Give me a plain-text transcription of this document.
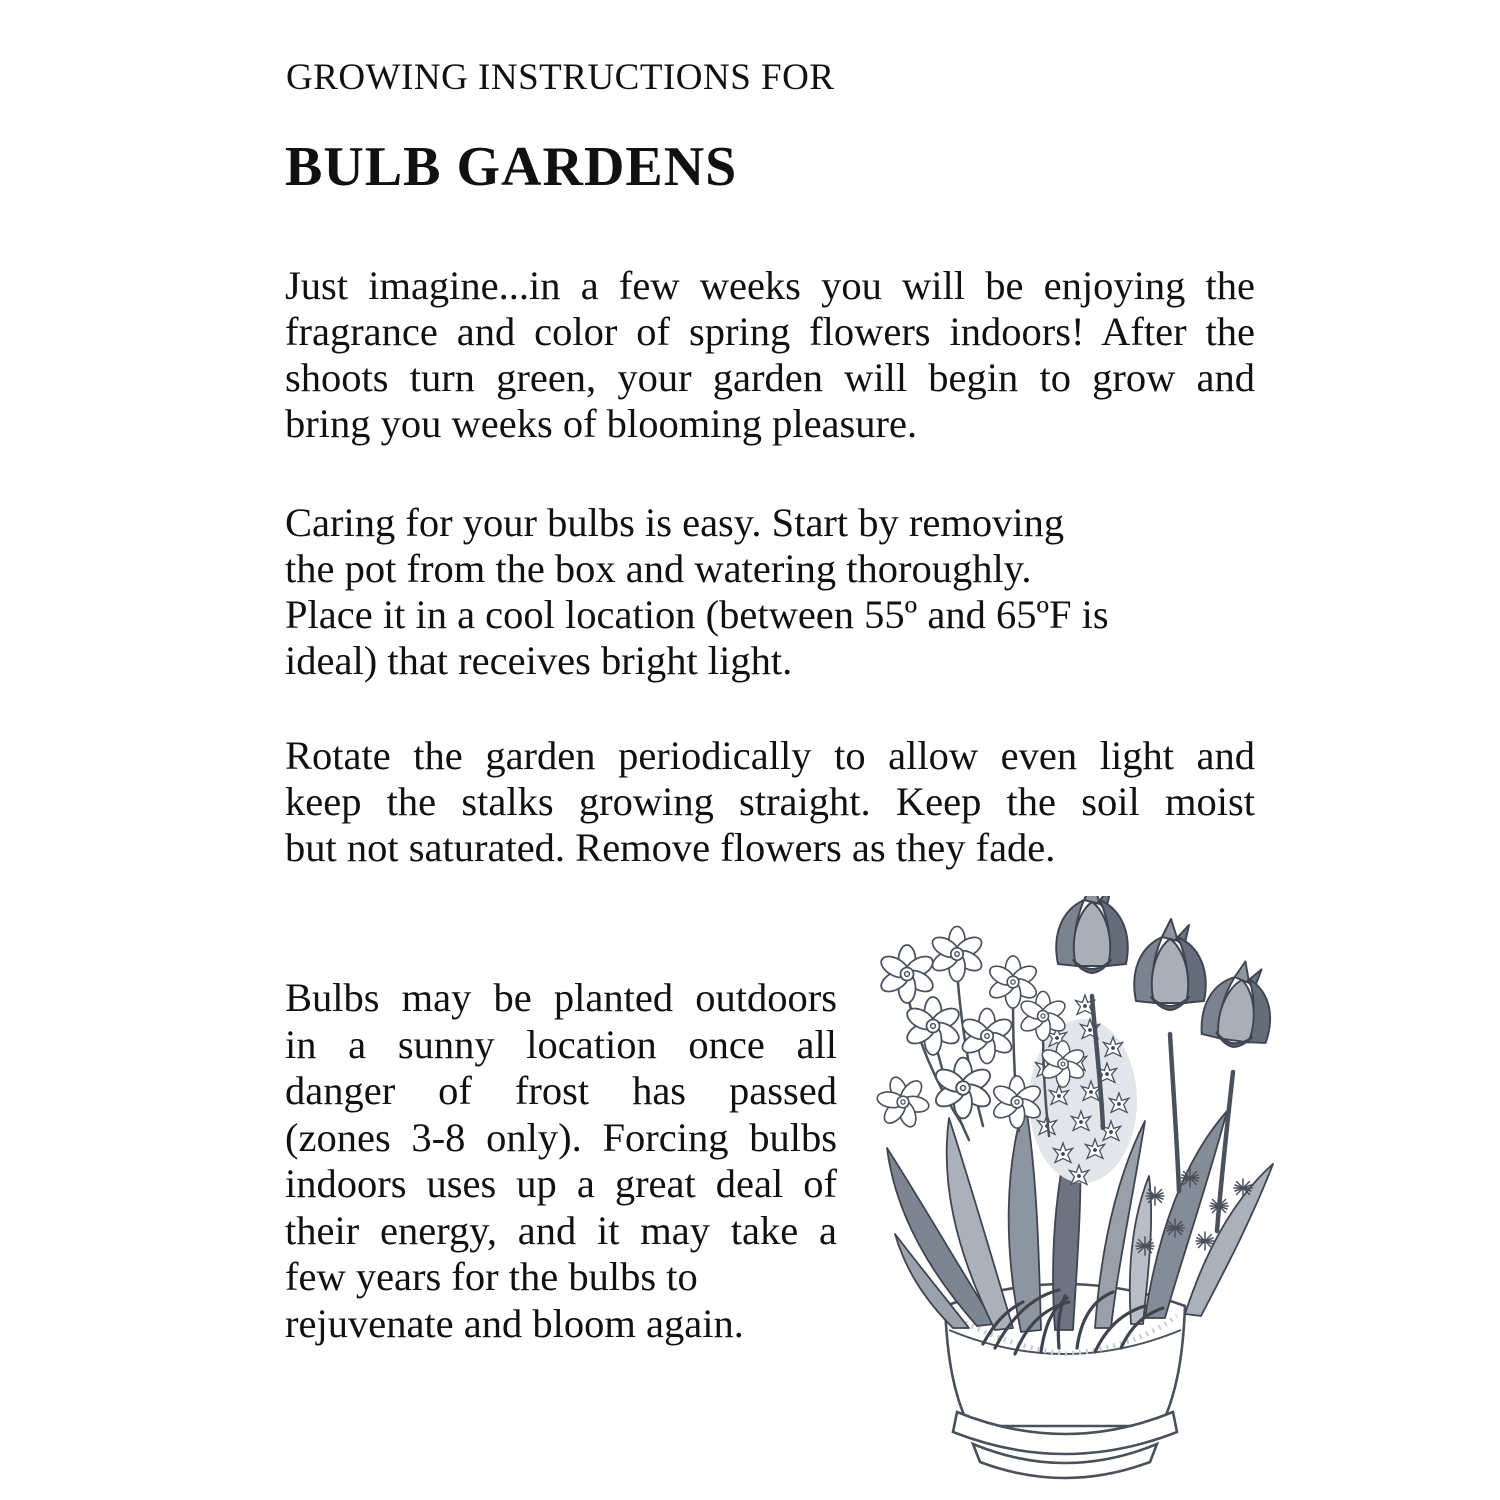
GROWING INSTRUCTIONS FOR
BULB GARDENS
Just imagine...in a few weeks you will be enjoying the
fragrance and color of spring flowers indoors! After the
shoots turn green, your garden will begin to grow and
bring you weeks of blooming pleasure.
Caring for your bulbs is easy. Start by removing
the pot from the box and watering thoroughly.
Place it in a cool location (between 55º and 65ºF is
ideal) that receives bright light.
Rotate the garden periodically to allow even light and
keep the stalks growing straight. Keep the soil moist
but not saturated. Remove flowers as they fade.
Bulbs may be planted outdoors
in a sunny location once all
danger of frost has passed
(zones 3-8 only). Forcing bulbs
indoors uses up a great deal of
their energy, and it may take a
few years for the bulbs to
rejuvenate and bloom again.
